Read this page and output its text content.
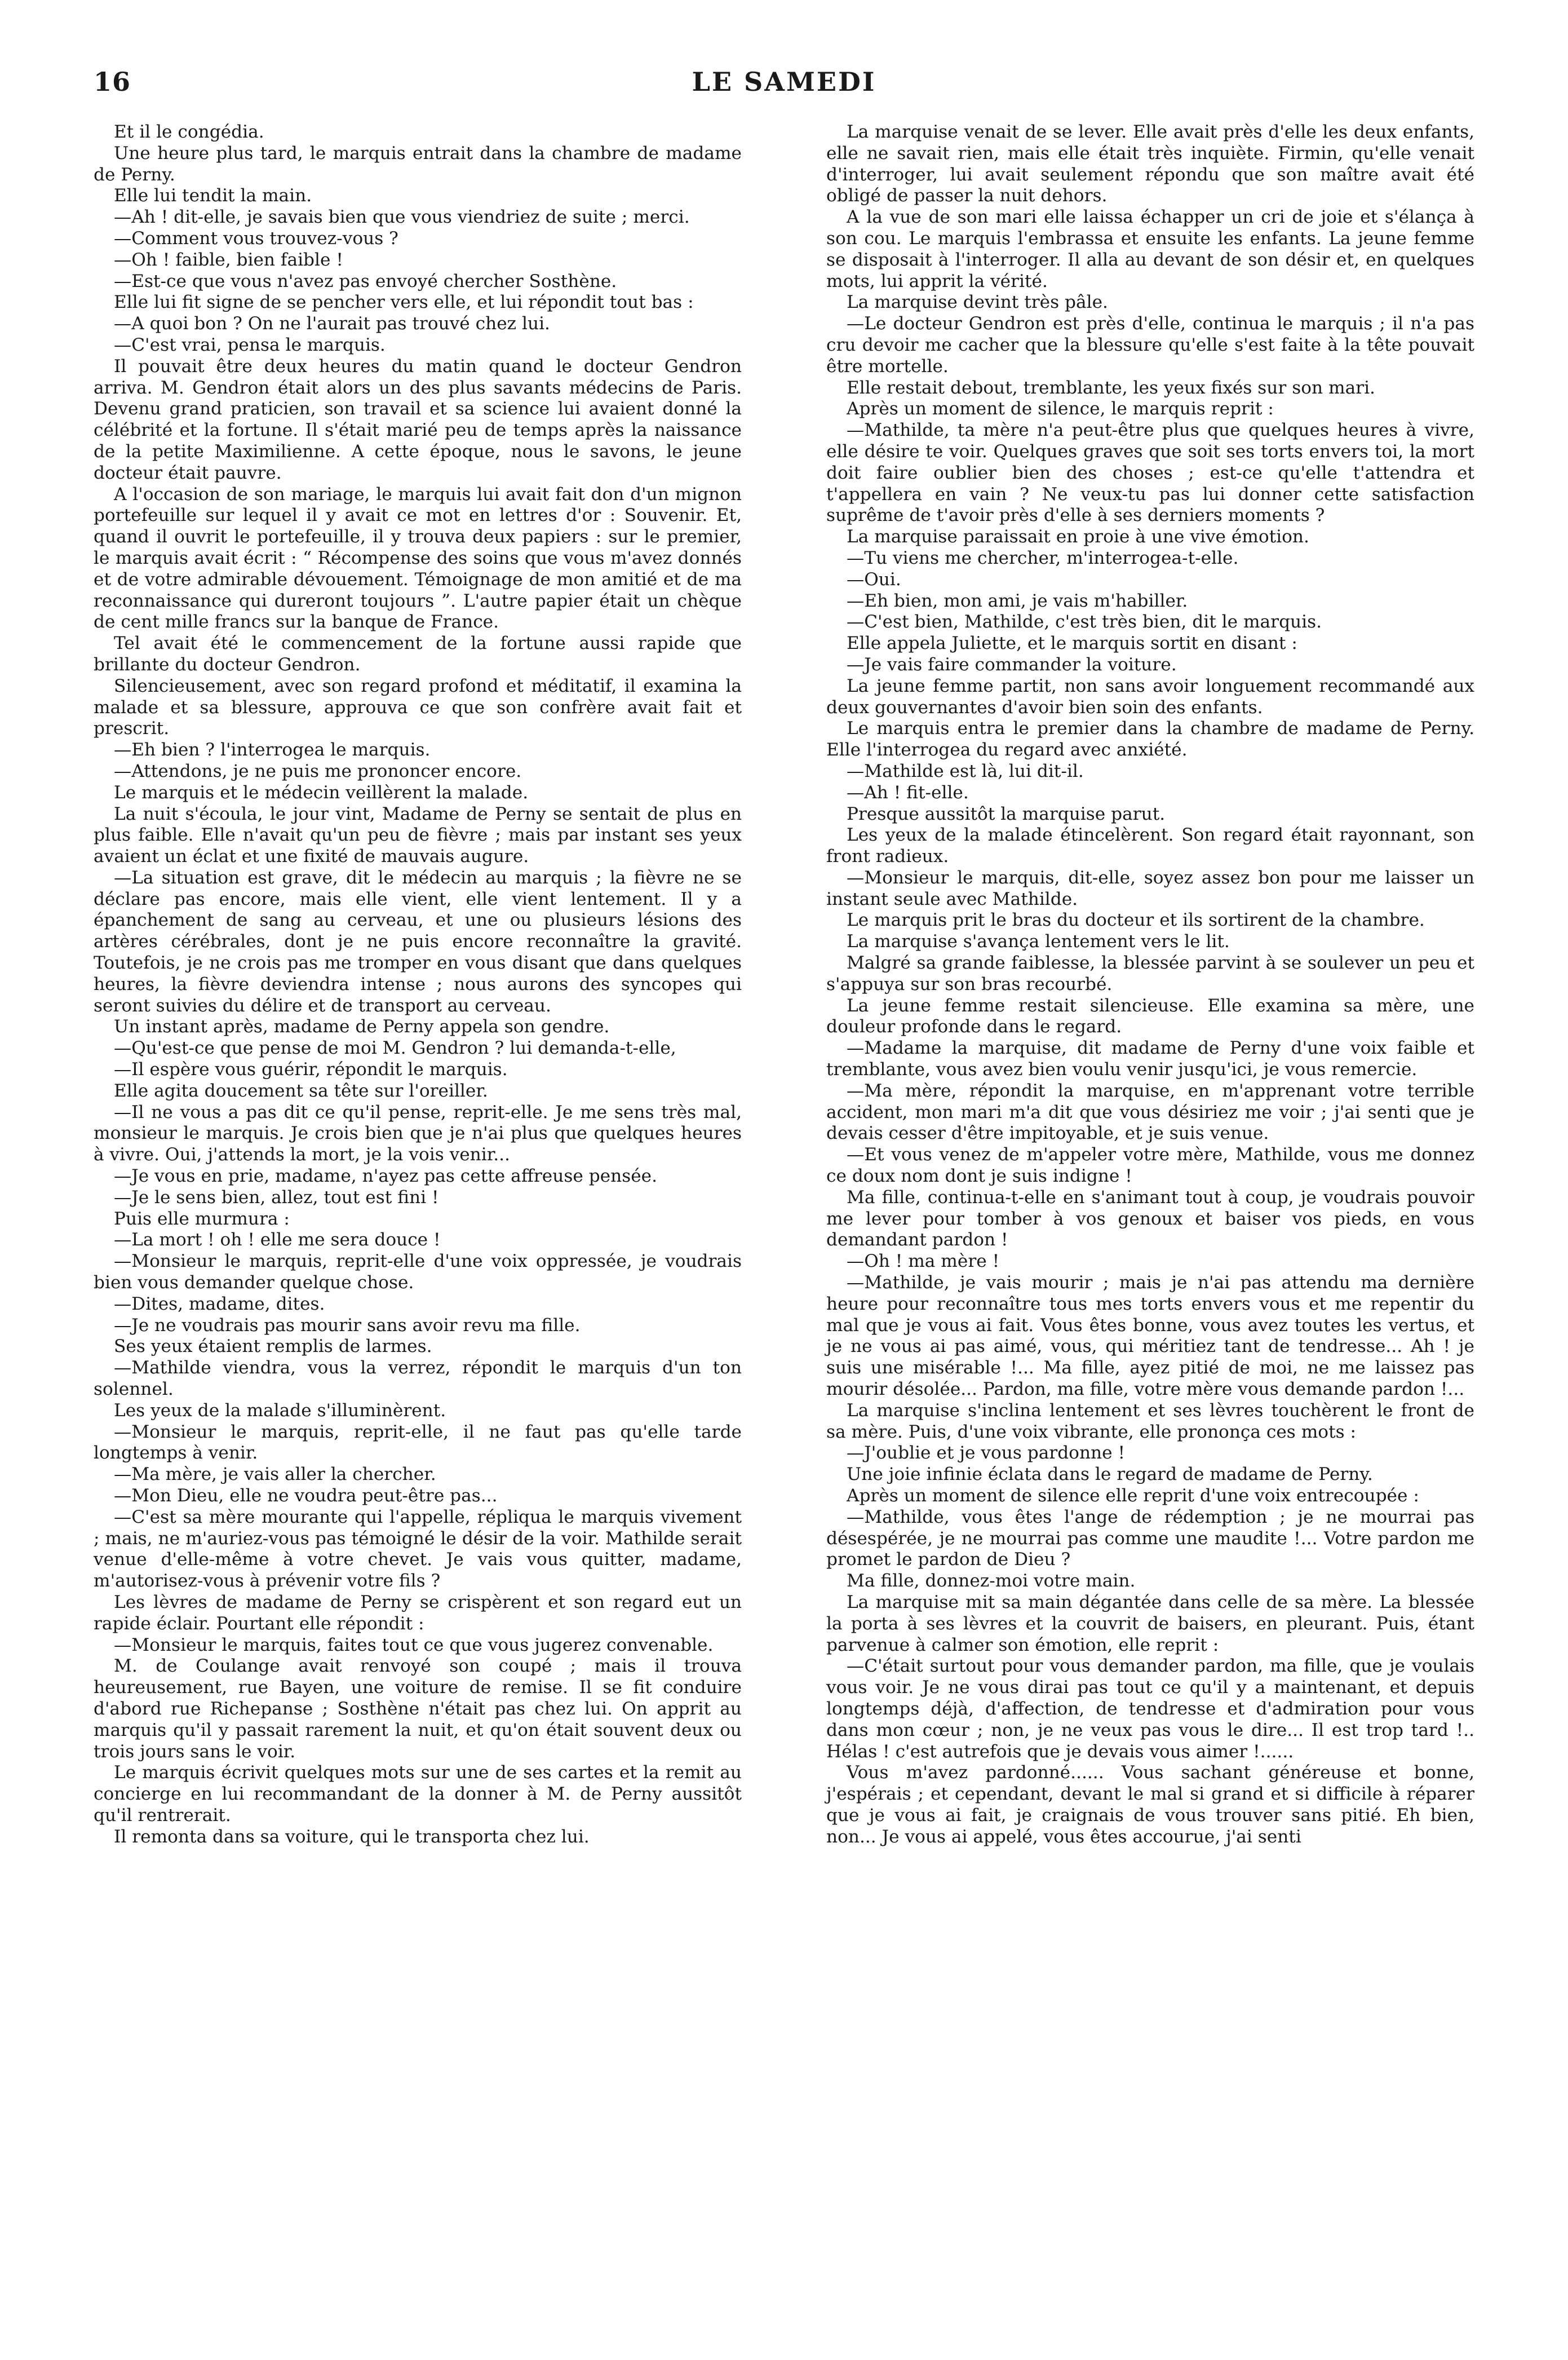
16	LE SAMEDI

Et il le congédia.

Une heure plus tard, le marquis entrait dans la chambre de madame de Perny.

Elle lui tendit la main.

—Ah ! dit-elle, je savais bien que vous viendriez de suite ; merci.

—Comment vous trouvez-vous ?

—Oh ! faible, bien faible !

—Est-ce que vous n'avez pas envoyé chercher Sosthène.

Elle lui fit signe de se pencher vers elle, et lui répondit tout bas :

—A quoi bon ? On ne l'aurait pas trouvé chez lui.

—C'est vrai, pensa le marquis.

Il pouvait être deux heures du matin quand le docteur Gendron arriva. M. Gendron était alors un des plus savants médecins de Paris. Devenu grand praticien, son travail et sa science lui avaient donné la célébrité et la fortune. Il s'était marié peu de temps après la naissance de la petite Maximilienne. A cette époque, nous le savons, le jeune docteur était pauvre.

A l'occasion de son mariage, le marquis lui avait fait don d'un mignon portefeuille sur lequel il y avait ce mot en lettres d'or : Souvenir. Et, quand il ouvrit le portefeuille, il y trouva deux papiers : sur le premier, le marquis avait écrit : “ Récompense des soins que vous m'avez donnés et de votre admirable dévouement. Témoignage de mon amitié et de ma reconnaissance qui dureront toujours ”. L'autre papier était un chèque de cent mille francs sur la banque de France.

Tel avait été le commencement de la fortune aussi rapide que brillante du docteur Gendron.

Silencieusement, avec son regard profond et méditatif, il examina la malade et sa blessure, approuva ce que son confrère avait fait et prescrit.

—Eh bien ? l'interrogea le marquis.

—Attendons, je ne puis me prononcer encore.

Le marquis et le médecin veillèrent la malade.

La nuit s'écoula, le jour vint, Madame de Perny se sentait de plus en plus faible. Elle n'avait qu'un peu de fièvre ; mais par instant ses yeux avaient un éclat et une fixité de mauvais augure.

—La situation est grave, dit le médecin au marquis ; la fièvre ne se déclare pas encore, mais elle vient, elle vient lentement. Il y a épanchement de sang au cerveau, et une ou plusieurs lésions des artères cérébrales, dont je ne puis encore reconnaître la gravité. Toutefois, je ne crois pas me tromper en vous disant que dans quelques heures, la fièvre deviendra intense ; nous aurons des syncopes qui seront suivies du délire et de transport au cerveau.

Un instant après, madame de Perny appela son gendre.

—Qu'est-ce que pense de moi M. Gendron ? lui demanda-t-elle,

—Il espère vous guérir, répondit le marquis.

Elle agita doucement sa tête sur l'oreiller.

—Il ne vous a pas dit ce qu'il pense, reprit-elle. Je me sens très mal, monsieur le marquis. Je crois bien que je n'ai plus que quelques heures à vivre. Oui, j'attends la mort, je la vois venir...

—Je vous en prie, madame, n'ayez pas cette affreuse pensée.

—Je le sens bien, allez, tout est fini !

Puis elle murmura :

—La mort ! oh ! elle me sera douce !

—Monsieur le marquis, reprit-elle d'une voix oppressée, je voudrais bien vous demander quelque chose.

—Dites, madame, dites.

—Je ne voudrais pas mourir sans avoir revu ma fille.

Ses yeux étaient remplis de larmes.

—Mathilde viendra, vous la verrez, répondit le marquis d'un ton solennel.

Les yeux de la malade s'illuminèrent.

—Monsieur le marquis, reprit-elle, il ne faut pas qu'elle tarde longtemps à venir.

—Ma mère, je vais aller la chercher.

—Mon Dieu, elle ne voudra peut-être pas...

—C'est sa mère mourante qui l'appelle, répliqua le marquis vivement ; mais, ne m'auriez-vous pas témoigné le désir de la voir. Mathilde serait venue d'elle-même à votre chevet. Je vais vous quitter, madame, m'autorisez-vous à prévenir votre fils ?

Les lèvres de madame de Perny se crispèrent et son regard eut un rapide éclair. Pourtant elle répondit :

—Monsieur le marquis, faites tout ce que vous jugerez convenable.

M. de Coulange avait renvoyé son coupé ; mais il trouva heureusement, rue Bayen, une voiture de remise. Il se fit conduire d'abord rue Richepanse ; Sosthène n'était pas chez lui. On apprit au marquis qu'il y passait rarement la nuit, et qu'on était souvent deux ou trois jours sans le voir.

Le marquis écrivit quelques mots sur une de ses cartes et la remit au concierge en lui recommandant de la donner à M. de Perny aussitôt qu'il rentrerait.

Il remonta dans sa voiture, qui le transporta chez lui.

La marquise venait de se lever. Elle avait près d'elle les deux enfants, elle ne savait rien, mais elle était très inquiète. Firmin, qu'elle venait d'interroger, lui avait seulement répondu que son maître avait été obligé de passer la nuit dehors.

A la vue de son mari elle laissa échapper un cri de joie et s'élança à son cou. Le marquis l'embrassa et ensuite les enfants. La jeune femme se disposait à l'interroger. Il alla au devant de son désir et, en quelques mots, lui apprit la vérité.

La marquise devint très pâle.

—Le docteur Gendron est près d'elle, continua le marquis ; il n'a pas cru devoir me cacher que la blessure qu'elle s'est faite à la tête pouvait être mortelle.

Elle restait debout, tremblante, les yeux fixés sur son mari.

Après un moment de silence, le marquis reprit :

—Mathilde, ta mère n'a peut-être plus que quelques heures à vivre, elle désire te voir. Quelques graves que soit ses torts envers toi, la mort doit faire oublier bien des choses ; est-ce qu'elle t'attendra et t'appellera en vain ? Ne veux-tu pas lui donner cette satisfaction suprême de t'avoir près d'elle à ses derniers moments ?

La marquise paraissait en proie à une vive émotion.

—Tu viens me chercher, m'interrogea-t-elle.

—Oui.

—Eh bien, mon ami, je vais m'habiller.

—C'est bien, Mathilde, c'est très bien, dit le marquis.

Elle appela Juliette, et le marquis sortit en disant :

—Je vais faire commander la voiture.

La jeune femme partit, non sans avoir longuement recommandé aux deux gouvernantes d'avoir bien soin des enfants.

Le marquis entra le premier dans la chambre de madame de Perny. Elle l'interrogea du regard avec anxiété.

—Mathilde est là, lui dit-il.

—Ah ! fit-elle.

Presque aussitôt la marquise parut.

Les yeux de la malade étincelèrent. Son regard était rayonnant, son front radieux.

—Monsieur le marquis, dit-elle, soyez assez bon pour me laisser un instant seule avec Mathilde.

Le marquis prit le bras du docteur et ils sortirent de la chambre.

La marquise s'avança lentement vers le lit.

Malgré sa grande faiblesse, la blessée parvint à se soulever un peu et s'appuya sur son bras recourbé.

La jeune femme restait silencieuse. Elle examina sa mère, une douleur profonde dans le regard.

—Madame la marquise, dit madame de Perny d'une voix faible et tremblante, vous avez bien voulu venir jusqu'ici, je vous remercie.

—Ma mère, répondit la marquise, en m'apprenant votre terrible accident, mon mari m'a dit que vous désiriez me voir ; j'ai senti que je devais cesser d'être impitoyable, et je suis venue.

—Et vous venez de m'appeler votre mère, Mathilde, vous me donnez ce doux nom dont je suis indigne !

Ma fille, continua-t-elle en s'animant tout à coup, je voudrais pouvoir me lever pour tomber à vos genoux et baiser vos pieds, en vous demandant pardon !

—Oh ! ma mère !

—Mathilde, je vais mourir ; mais je n'ai pas attendu ma dernière heure pour reconnaître tous mes torts envers vous et me repentir du mal que je vous ai fait. Vous êtes bonne, vous avez toutes les vertus, et je ne vous ai pas aimé, vous, qui méritiez tant de tendresse... Ah ! je suis une misérable !... Ma fille, ayez pitié de moi, ne me laissez pas mourir désolée... Pardon, ma fille, votre mère vous demande pardon !...

La marquise s'inclina lentement et ses lèvres touchèrent le front de sa mère. Puis, d'une voix vibrante, elle prononça ces mots :

—J'oublie et je vous pardonne !

Une joie infinie éclata dans le regard de madame de Perny.

Après un moment de silence elle reprit d'une voix entrecoupée :

—Mathilde, vous êtes l'ange de rédemption ; je ne mourrai pas désespérée, je ne mourrai pas comme une maudite !... Votre pardon me promet le pardon de Dieu ?

Ma fille, donnez-moi votre main.

La marquise mit sa main dégantée dans celle de sa mère. La blessée la porta à ses lèvres et la couvrit de baisers, en pleurant. Puis, étant parvenue à calmer son émotion, elle reprit :

—C'était surtout pour vous demander pardon, ma fille, que je voulais vous voir. Je ne vous dirai pas tout ce qu'il y a maintenant, et depuis longtemps déjà, d'affection, de tendresse et d'admiration pour vous dans mon cœur ; non, je ne veux pas vous le dire... Il est trop tard !.. Hélas ! c'est autrefois que je devais vous aimer !......

Vous m'avez pardonné...... Vous sachant généreuse et bonne, j'espérais ; et cependant, devant le mal si grand et si difficile à réparer que je vous ai fait, je craignais de vous trouver sans pitié. Eh bien, non... Je vous ai appelé, vous êtes accourue, j'ai senti
